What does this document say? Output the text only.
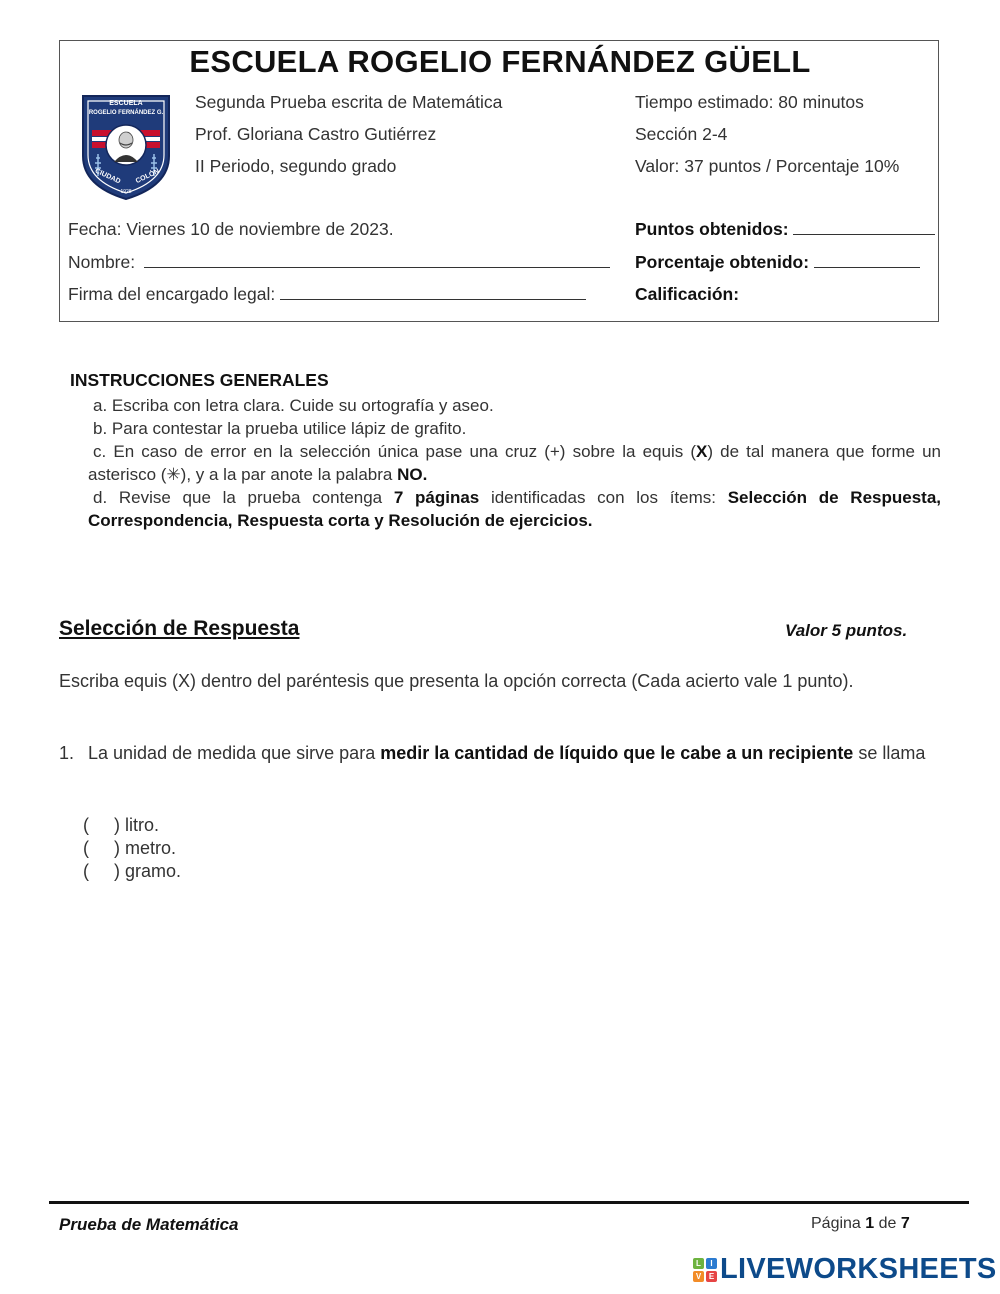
ESCUELA ROGELIO FERNÁNDEZ GÜELL
ESCUELA
ROGELIO FERNÁNDEZ G.
CIUDAD COLÓN
1928
Segunda Prueba escrita de Matemática
Prof. Gloriana Castro Gutiérrez
II Periodo, segundo grado
Tiempo estimado: 80 minutos
Sección 2-4
Valor: 37 puntos / Porcentaje 10%
Fecha: Viernes 10 de noviembre de 2023.
Nombre:
Firma del encargado legal:
Puntos obtenidos:
Porcentaje obtenido:
Calificación:
INSTRUCCIONES GENERALES
a. Escriba con letra clara. Cuide su ortografía y aseo.
b. Para contestar la prueba utilice lápiz de grafito.
c. En caso de error en la selección única pase una cruz (+) sobre la equis (X) de tal manera que forme un asterisco (✳), y a la par anote la palabra NO.
d. Revise que la prueba contenga 7 páginas identificadas con los ítems: Selección de Respuesta, Correspondencia, Respuesta corta y Resolución de ejercicios.
Selección de Respuesta	Valor 5 puntos.
Escriba equis (X) dentro del paréntesis que presenta la opción correcta (Cada acierto vale 1 punto).
1. La unidad de medida que sirve para medir la cantidad de líquido que le cabe a un recipiente se llama
(     ) litro.
(     ) metro.
(     ) gramo.
Prueba de Matemática	Página 1 de 7
L	I
V E LIVEWORKSHEETS
